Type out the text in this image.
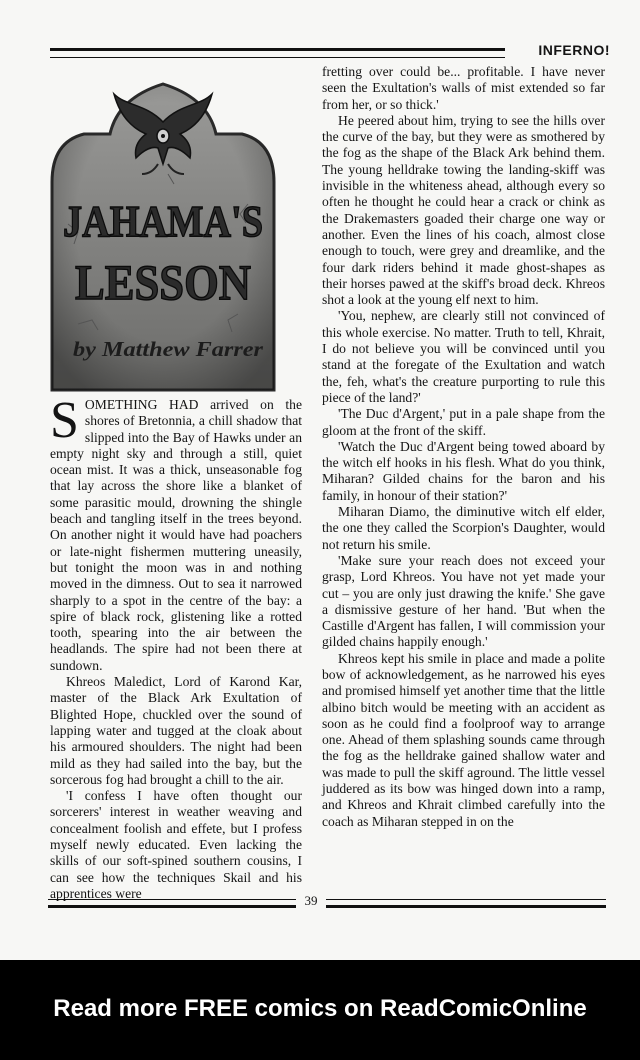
INFERNO!
JAHAMA'S
LESSON
by Matthew Farrer

SOMETHING HAD arrived on the shores of Bretonnia, a chill shadow that slipped into the Bay of Hawks under an empty night sky and through a still, quiet ocean mist. It was a thick, unseasonable fog that lay across the shore like a blanket of some parasitic mould, drowning the shingle beach and tangling itself in the trees beyond. On another night it would have had poachers or late-night fishermen muttering uneasily, but tonight the moon was in and nothing moved in the dimness. Out to sea it narrowed sharply to a spot in the centre of the bay: a spire of black rock, glistening like a rotted tooth, spearing into the air between the headlands. The spire had not been there at sundown.

Khreos Maledict, Lord of Karond Kar, master of the Black Ark Exultation of Blighted Hope, chuckled over the sound of lapping water and tugged at the cloak about his armoured shoulders. The night had been mild as they had sailed into the bay, but the sorcerous fog had brought a chill to the air.

'I confess I have often thought our sorcerers' interest in weather weaving and concealment foolish and effete, but I profess myself newly educated. Even lacking the skills of our soft-spined southern cousins, I can see how the techniques Skail and his apprentices were

fretting over could be... profitable. I have never seen the Exultation's walls of mist extended so far from her, or so thick.'

He peered about him, trying to see the hills over the curve of the bay, but they were as smothered by the fog as the shape of the Black Ark behind them. The young helldrake towing the landing-skiff was invisible in the whiteness ahead, although every so often he thought he could hear a crack or chink as the Drakemasters goaded their charge one way or another. Even the lines of his coach, almost close enough to touch, were grey and dreamlike, and the four dark riders behind it made ghost-shapes as their horses pawed at the skiff's broad deck. Khreos shot a look at the young elf next to him.

'You, nephew, are clearly still not convinced of this whole exercise. No matter. Truth to tell, Khrait, I do not believe you will be convinced until you stand at the foregate of the Exultation and watch the, feh, what's the creature purporting to rule this piece of the land?'

'The Duc d'Argent,' put in a pale shape from the gloom at the front of the skiff.

'Watch the Duc d'Argent being towed aboard by the witch elf hooks in his flesh. What do you think, Miharan? Gilded chains for the baron and his family, in honour of their station?'

Miharan Diamo, the diminutive witch elf elder, the one they called the Scorpion's Daughter, would not return his smile.

'Make sure your reach does not exceed your grasp, Lord Khreos. You have not yet made your cut – you are only just drawing the knife.' She gave a dismissive gesture of her hand. 'But when the Castille d'Argent has fallen, I will commission your gilded chains happily enough.'

Khreos kept his smile in place and made a polite bow of acknowledgement, as he narrowed his eyes and promised himself yet another time that the little albino bitch would be meeting with an accident as soon as he could find a foolproof way to arrange one. Ahead of them splashing sounds came through the fog as the helldrake gained shallow water and was made to pull the skiff aground. The little vessel juddered as its bow was hinged down into a ramp, and Khreos and Khrait climbed carefully into the coach as Miharan stepped in on the

39
Read more FREE comics on ReadComicOnline
